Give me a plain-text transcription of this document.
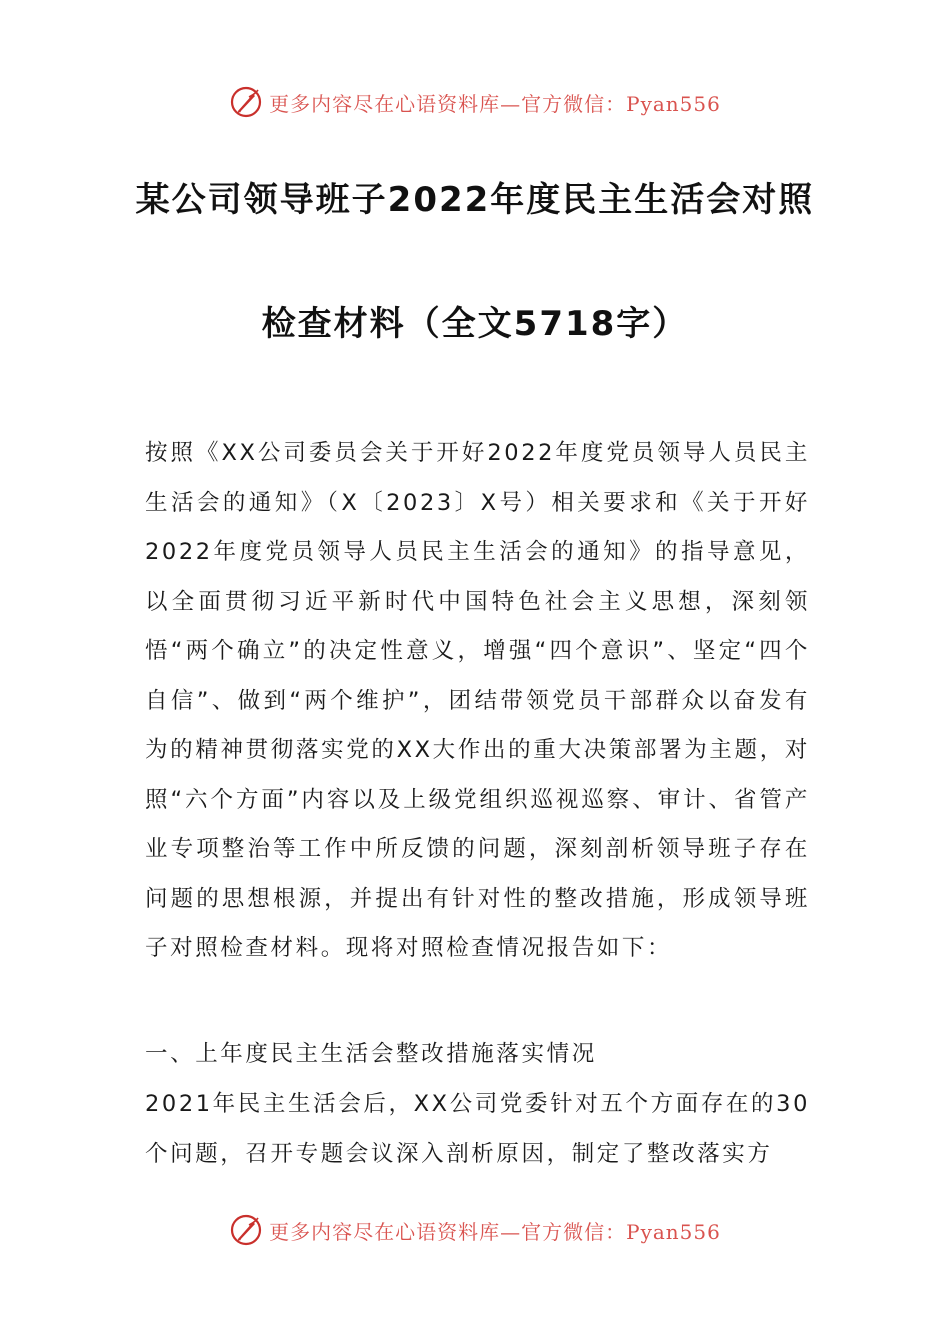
更多内容尽在心语资料库—官方微信：Pyan556
某公司领导班子2022年度民主生活会对照
检查材料（全文5718字）
按照《XX公司委员会关于开好2022年度党员领导人员民主生活会的通知》（X〔2023〕X号）相关要求和《关于开好2022年度党员领导人员民主生活会的通知》的指导意见，以全面贯彻习近平新时代中国特色社会主义思想，深刻领悟“两个确立”的决定性意义，增强“四个意识”、坚定“四个自信”、做到“两个维护”，团结带领党员干部群众以奋发有为的精神贯彻落实党的XX大作出的重大决策部署为主题，对照“六个方面”内容以及上级党组织巡视巡察、审计、省管产业专项整治等工作中所反馈的问题，深刻剖析领导班子存在问题的思想根源，并提出有针对性的整改措施，形成领导班子对照检查材料。现将对照检查情况报告如下：
一、上年度民主生活会整改措施落实情况
2021年民主生活会后，XX公司党委针对五个方面存在的30个问题，召开专题会议深入剖析原因，制定了整改落实方
更多内容尽在心语资料库—官方微信：Pyan556
